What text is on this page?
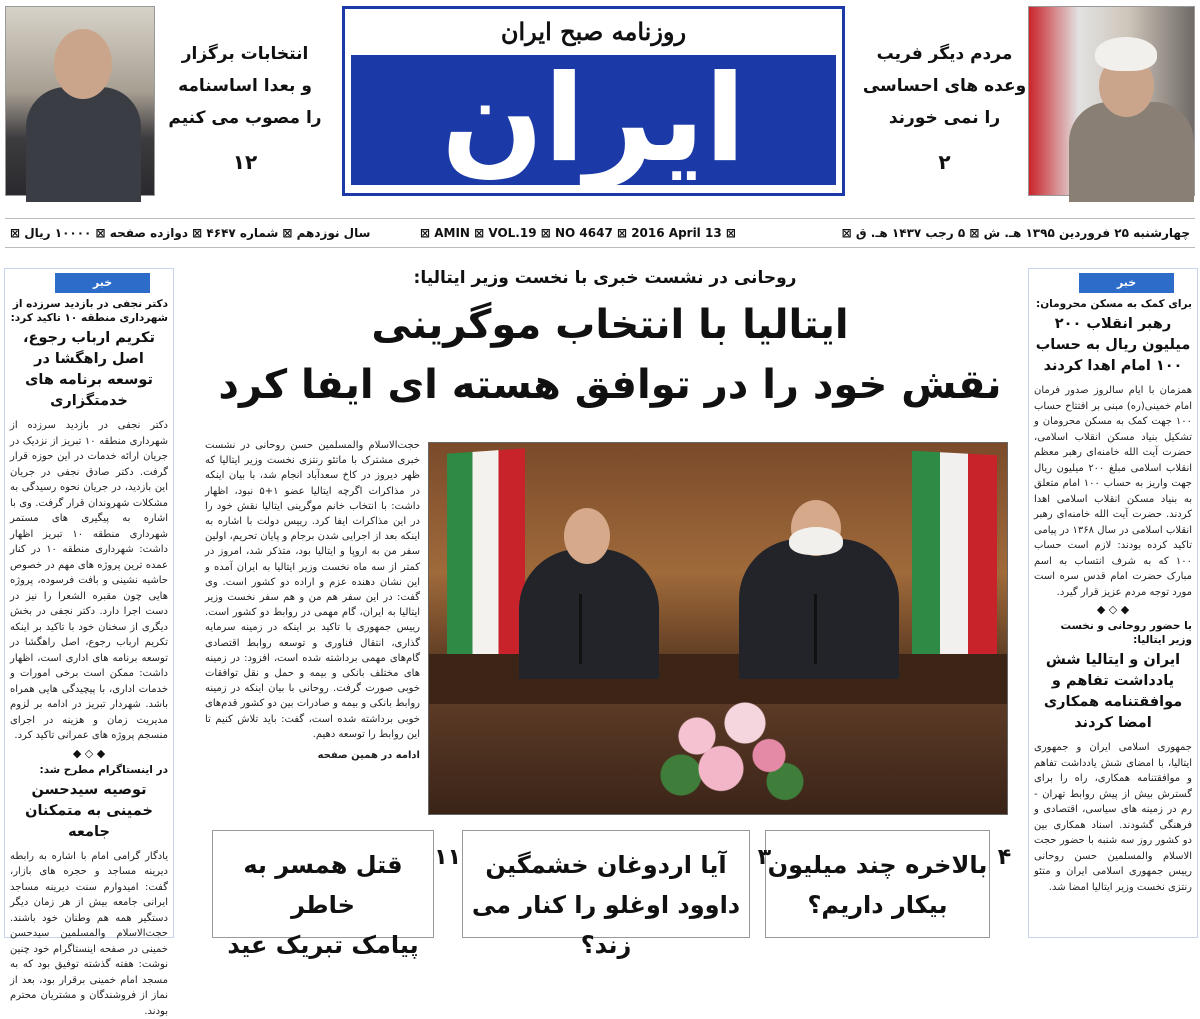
انتخابات برگزار
و بعدا اساسنامه
را مصوب می کنیم
۱۲
روزنامه صبح ایران
ایران	مردم دیگر فریب
وعده های احساسی
را نمی خورند
۲
چهارشنبه ۲۵ فروردین ۱۳۹۵ هـ. ش ⊠ ۵ رجب ۱۴۳۷ هـ. ق ⊠
⊠ AMIN ⊠ VOL.19 ⊠ NO 4647 ⊠ 2016 April 13 ⊠
سال نوزدهم ⊠ شماره ۴۶۴۷ ⊠ دوازده صفحه ⊠ ۱۰۰۰۰ ریال ⊠
خبر
برای کمک به مسکن محرومان:
رهبر انقلاب ۲۰۰ میلیون ریال به حساب ۱۰۰ امام اهدا کردند
همزمان با ایام سالروز صدور فرمان امام خمینی(ره) مبنی بر افتتاح حساب ۱۰۰ جهت کمک به مسکن محرومان و تشکیل بنیاد مسکن انقلاب اسلامی، حضرت آیت الله خامنه‌ای رهبر معظم انقلاب اسلامی مبلغ ۲۰۰ میلیون ریال جهت واریز به حساب ۱۰۰ امام متعلق به بنیاد مسکن انقلاب اسلامی اهدا کردند. حضرت آیت الله خامنه‌ای رهبر انقلاب اسلامی در سال ۱۳۶۸ در پیامی تاکید کرده بودند: لازم است حساب ۱۰۰ که به شرف انتساب به اسم مبارک حضرت امام قدس سره است مورد توجه مردم عزیز قرار گیرد.
◆ ◇ ◆
با حضور روحانی و نخست وزیر ایتالیا:
ایران و ایتالیا شش یادداشت تفاهم و موافقتنامه همکاری امضا کردند
جمهوری اسلامی ایران و جمهوری ایتالیا، با امضای شش یادداشت تفاهم و موافقتنامه همکاری، راه را برای گسترش بیش از پیش روابط تهران - رم در زمینه های سیاسی، اقتصادی و فرهنگی گشودند. اسناد همکاری بین دو کشور روز سه شنبه با حضور حجت الاسلام والمسلمین حسن روحانی رییس جمهوری اسلامی ایران و متئو رنتزی نخست وزیر ایتالیا امضا شد.
خبر
دکتر نجفی در بازدید سرزده از شهرداری منطقه ۱۰ تاکید کرد:
تکریم ارباب رجوع، اصل راهگشا در توسعه برنامه های خدمتگزاری
دکتر نجفی در بازدید سرزده از شهرداری منطقه ۱۰ تبریز از نزدیک در جریان ارائه خدمات در این حوزه قرار گرفت. دکتر صادق نجفی در جریان این بازدید، در جریان نحوه رسیدگی به مشکلات شهروندان قرار گرفت. وی با اشاره به پیگیری های مستمر شهرداری منطقه ۱۰ تبریز اظهار داشت: شهرداری منطقه ۱۰ در کنار عمده ترین پروژه های مهم در خصوص حاشیه نشینی و بافت فرسوده، پروژه هایی چون مقبره الشعرا را نیز در دست اجرا دارد. دکتر نجفی در بخش دیگری از سخنان خود با تاکید بر اینکه تکریم ارباب رجوع، اصل راهگشا در توسعه برنامه های اداری است، اظهار داشت: ممکن است برخی امورات و خدمات اداری، با پیچیدگی هایی همراه باشد. شهردار تبریز در ادامه بر لزوم مدیریت زمان و هزینه در اجرای منسجم پروژه های عمرانی تاکید کرد.
◆ ◇ ◆
در اینستاگرام مطرح شد:
توصیه سیدحسن خمینی به متمکنان جامعه
یادگار گرامی امام با اشاره به رابطه دیرینه مساجد و حجره های بازار، گفت: امیدوارم سنت دیرینه مساجد ایرانی جامعه بیش از هر زمان دیگر دستگیر همه هم وطنان خود باشند. حجت‌الاسلام والمسلمین سیدحسن خمینی در صفحه اینستاگرام خود چنین نوشت: هفته گذشته توفیق بود که به مسجد امام خمینی برقرار بود، بعد از نماز از فروشندگان و مشتریان محترم بودند.
روحانی در نشست خبری با نخست وزیر ایتالیا:
ایتالیا با انتخاب موگرینی
نقش خود را در توافق هسته ای ایفا کرد
حجت‌الاسلام والمسلمین حسن روحانی در نشست خبری مشترک با ماتئو رنتزی نخست وزیر ایتالیا که ظهر دیروز در کاخ سعدآباد انجام شد، با بیان اینکه در مذاکرات اگرچه ایتالیا عضو ۱+۵ نبود، اظهار داشت: با انتخاب خانم موگرینی ایتالیا نقش خود را در این مذاکرات ایفا کرد. رییس دولت با اشاره به اینکه بعد از اجرایی شدن برجام و پایان تحریم، اولین سفر من به اروپا و ایتالیا بود، متذکر شد، امروز در کمتر از سه ماه نخست وزیر ایتالیا به ایران آمده و این نشان دهنده عزم و اراده دو کشور است. وی گفت: در این سفر هم من و هم سفر نخست وزیر ایتالیا به ایران، گام مهمی در روابط دو کشور است. رییس جمهوری با تاکید بر اینکه در زمینه سرمایه گذاری، انتقال فناوری و توسعه روابط اقتصادی گام‌های مهمی برداشته شده است، افزود: در زمینه های مختلف بانکی و بیمه و حمل و نقل توافقات خوبی صورت گرفت. روحانی با بیان اینکه در زمینه روابط بانکی و بیمه و صادرات بین دو کشور قدم‌های خوبی برداشته شده است، گفت: باید تلاش کنیم تا این روابط را توسعه دهیم.
ادامه در همین صفحه
بالاخره چند میلیون
بیکار داریم؟
۴
آیا اردوغان خشمگین
داوود اوغلو را کنار می زند؟
۳
قتل همسر به خاطر
پیامک تبریک عید
۱۱
